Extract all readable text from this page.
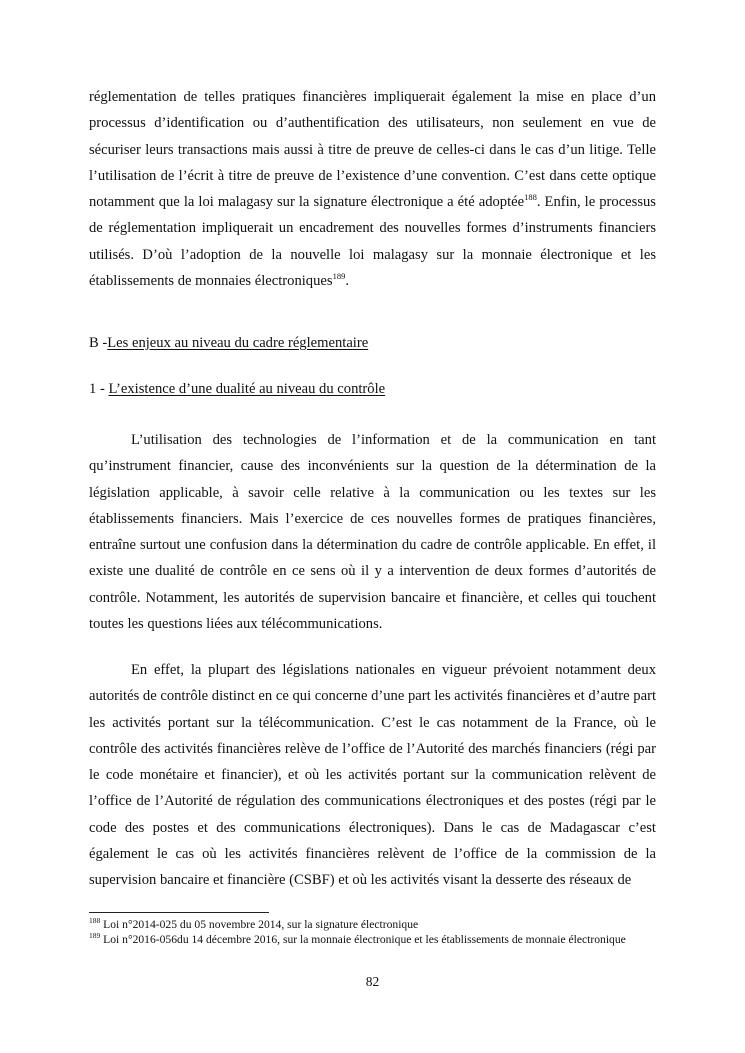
réglementation de telles pratiques financières impliquerait également la mise en place d’un processus d’identification ou d’authentification des utilisateurs, non seulement en vue de sécuriser leurs transactions mais aussi à titre de preuve de celles-ci dans le cas d’un litige. Telle l’utilisation de l’écrit à titre de preuve de l’existence d’une convention. C’est dans cette optique notamment que la loi malagasy sur la signature électronique a été adoptée$^{188}$. Enfin, le processus de réglementation impliquerait un encadrement des nouvelles formes d’instruments financiers utilisés. D’où l’adoption de la nouvelle loi malagasy sur la monnaie électronique et les établissements de monnaies électroniques$^{189}$.

B -Les enjeux au niveau du cadre réglementaire

1 - L’existence d’une dualité au niveau du contrôle

L’utilisation des technologies de l’information et de la communication en tant qu’instrument financier, cause des inconvénients sur la question de la détermination de la législation applicable, à savoir celle relative à la communication ou les textes sur les établissements financiers. Mais l’exercice de ces nouvelles formes de pratiques financières, entraîne surtout une confusion dans la détermination du cadre de contrôle applicable. En effet, il existe une dualité de contrôle en ce sens où il y a intervention de deux formes d’autorités de contrôle. Notamment, les autorités de supervision bancaire et financière, et celles qui touchent toutes les questions liées aux télécommunications.

En effet, la plupart des législations nationales en vigueur prévoient notamment deux autorités de contrôle distinct en ce qui concerne d’une part les activités financières et d’autre part les activités portant sur la télécommunication. C’est le cas notamment de la France, où le contrôle des activités financières relève de l’office de l’Autorité des marchés financiers (régi par le code monétaire et financier), et où les activités portant sur la communication relèvent de l’office de l’Autorité de régulation des communications électroniques et des postes (régi par le code des postes et des communications électroniques). Dans le cas de Madagascar c’est également le cas où les activités financières relèvent de l’office de la commission de la supervision bancaire et financière (CSBF) et où les activités visant la desserte des réseaux de

$^{188}$ Loi n°2014-025 du 05 novembre 2014, sur la signature électronique

$^{189}$ Loi n°2016-056du 14 décembre 2016, sur la monnaie électronique et les établissements de monnaie électronique

82
